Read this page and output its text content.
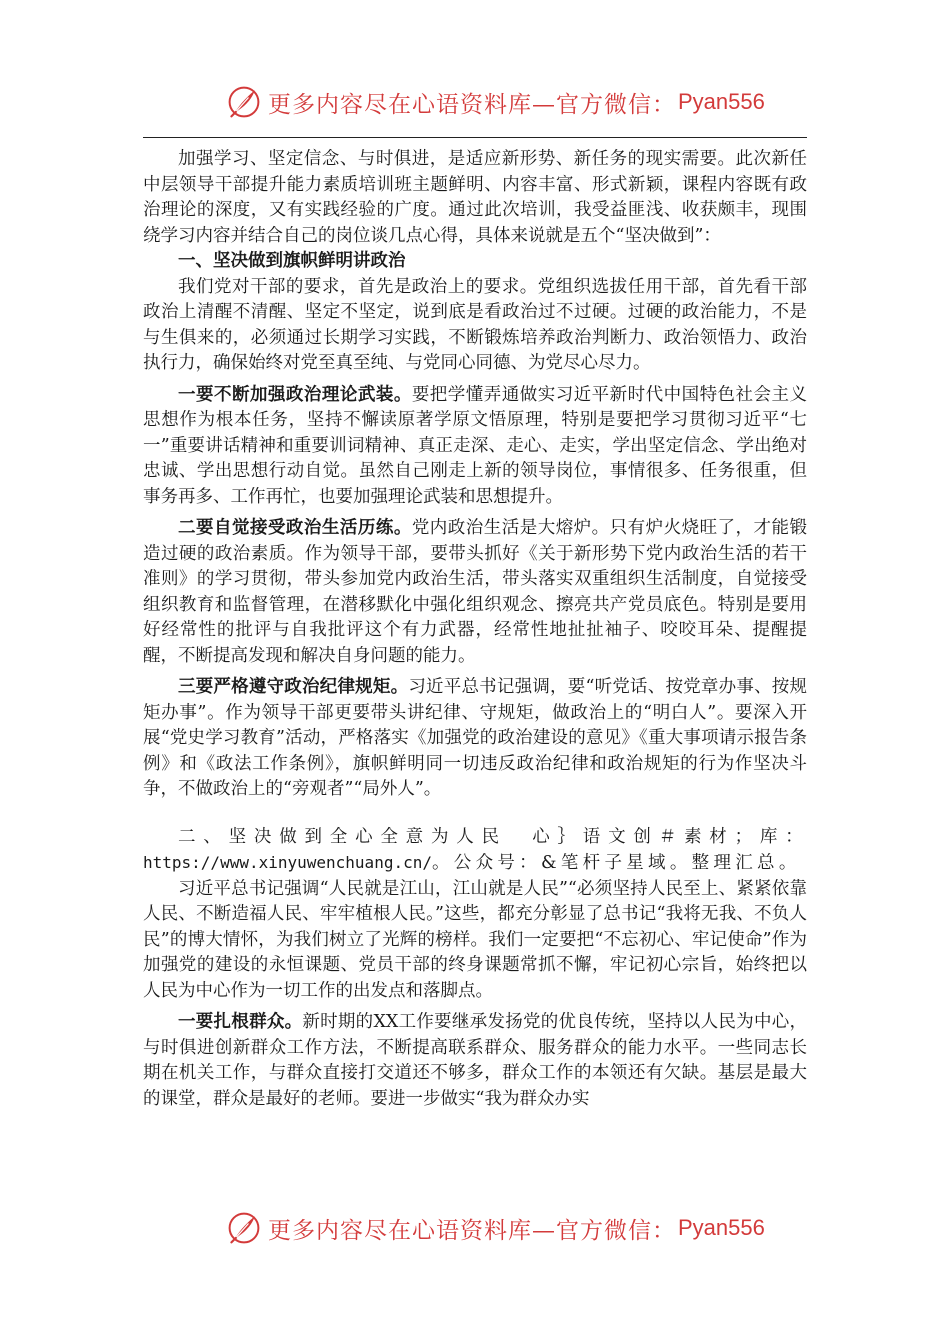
更多内容尽在心语资料库—官方微信： Pyan556

加强学习、坚定信念、与时俱进，是适应新形势、新任务的现实需要。此次新任中层领导干部提升能力素质培训班主题鲜明、内容丰富、形式新颖，课程内容既有政治理论的深度，又有实践经验的广度。通过此次培训，我受益匪浅、收获颇丰，现围绕学习内容并结合自己的岗位谈几点心得，具体来说就是五个“坚决做到”：

一、坚决做到旗帜鲜明讲政治

我们党对干部的要求，首先是政治上的要求。党组织选拔任用干部，首先看干部政治上清醒不清醒、坚定不坚定，说到底是看政治过不过硬。过硬的政治能力，不是与生俱来的，必须通过长期学习实践，不断锻炼培养政治判断力、政治领悟力、政治执行力，确保始终对党至真至纯、与党同心同德、为党尽心尽力。

一要不断加强政治理论武装。要把学懂弄通做实习近平新时代中国特色社会主义思想作为根本任务，坚持不懈读原著学原文悟原理，特别是要把学习贯彻习近平“七一”重要讲话精神和重要训词精神、真正走深、走心、走实，学出坚定信念、学出绝对忠诚、学出思想行动自觉。虽然自己刚走上新的领导岗位，事情很多、任务很重，但事务再多、工作再忙，也要加强理论武装和思想提升。

二要自觉接受政治生活历练。党内政治生活是大熔炉。只有炉火烧旺了，才能锻造过硬的政治素质。作为领导干部，要带头抓好《关于新形势下党内政治生活的若干准则》的学习贯彻，带头参加党内政治生活，带头落实双重组织生活制度，自觉接受组织教育和监督管理，在潜移默化中强化组织观念、擦亮共产党员底色。特别是要用好经常性的批评与自我批评这个有力武器，经常性地扯扯袖子、咬咬耳朵、提醒提醒，不断提高发现和解决自身问题的能力。

三要严格遵守政治纪律规矩。习近平总书记强调，要“听党话、按党章办事、按规矩办事”。作为领导干部更要带头讲纪律、守规矩，做政治上的“明白人”。要深入开展“党史学习教育”活动，严格落实《加强党的政治建设的意见》《重大事项请示报告条例》和《政法工作条例》，旗帜鲜明同一切违反政治纪律和政治规矩的行为作坚决斗争，不做政治上的“旁观者”“局外人”。

二、坚决做到全心全意为人民　 心｝语文创＃素材；库：https://www.xinyuwenchuang.cn/。公众号：&笔杆子星域。整理汇总。

习近平总书记强调“人民就是江山，江山就是人民”“必须坚持人民至上、紧紧依靠人民、不断造福人民、牢牢植根人民。”这些，都充分彰显了总书记“我将无我、不负人民”的博大情怀，为我们树立了光辉的榜样。我们一定要把“不忘初心、牢记使命”作为加强党的建设的永恒课题、党员干部的终身课题常抓不懈，牢记初心宗旨，始终把以人民为中心作为一切工作的出发点和落脚点。

一要扎根群众。新时期的XX工作要继承发扬党的优良传统，坚持以人民为中心，与时俱进创新群众工作方法，不断提高联系群众、服务群众的能力水平。一些同志长期在机关工作，与群众直接打交道还不够多，群众工作的本领还有欠缺。基层是最大的课堂，群众是最好的老师。要进一步做实“我为群众办实

更多内容尽在心语资料库—官方微信： Pyan556
